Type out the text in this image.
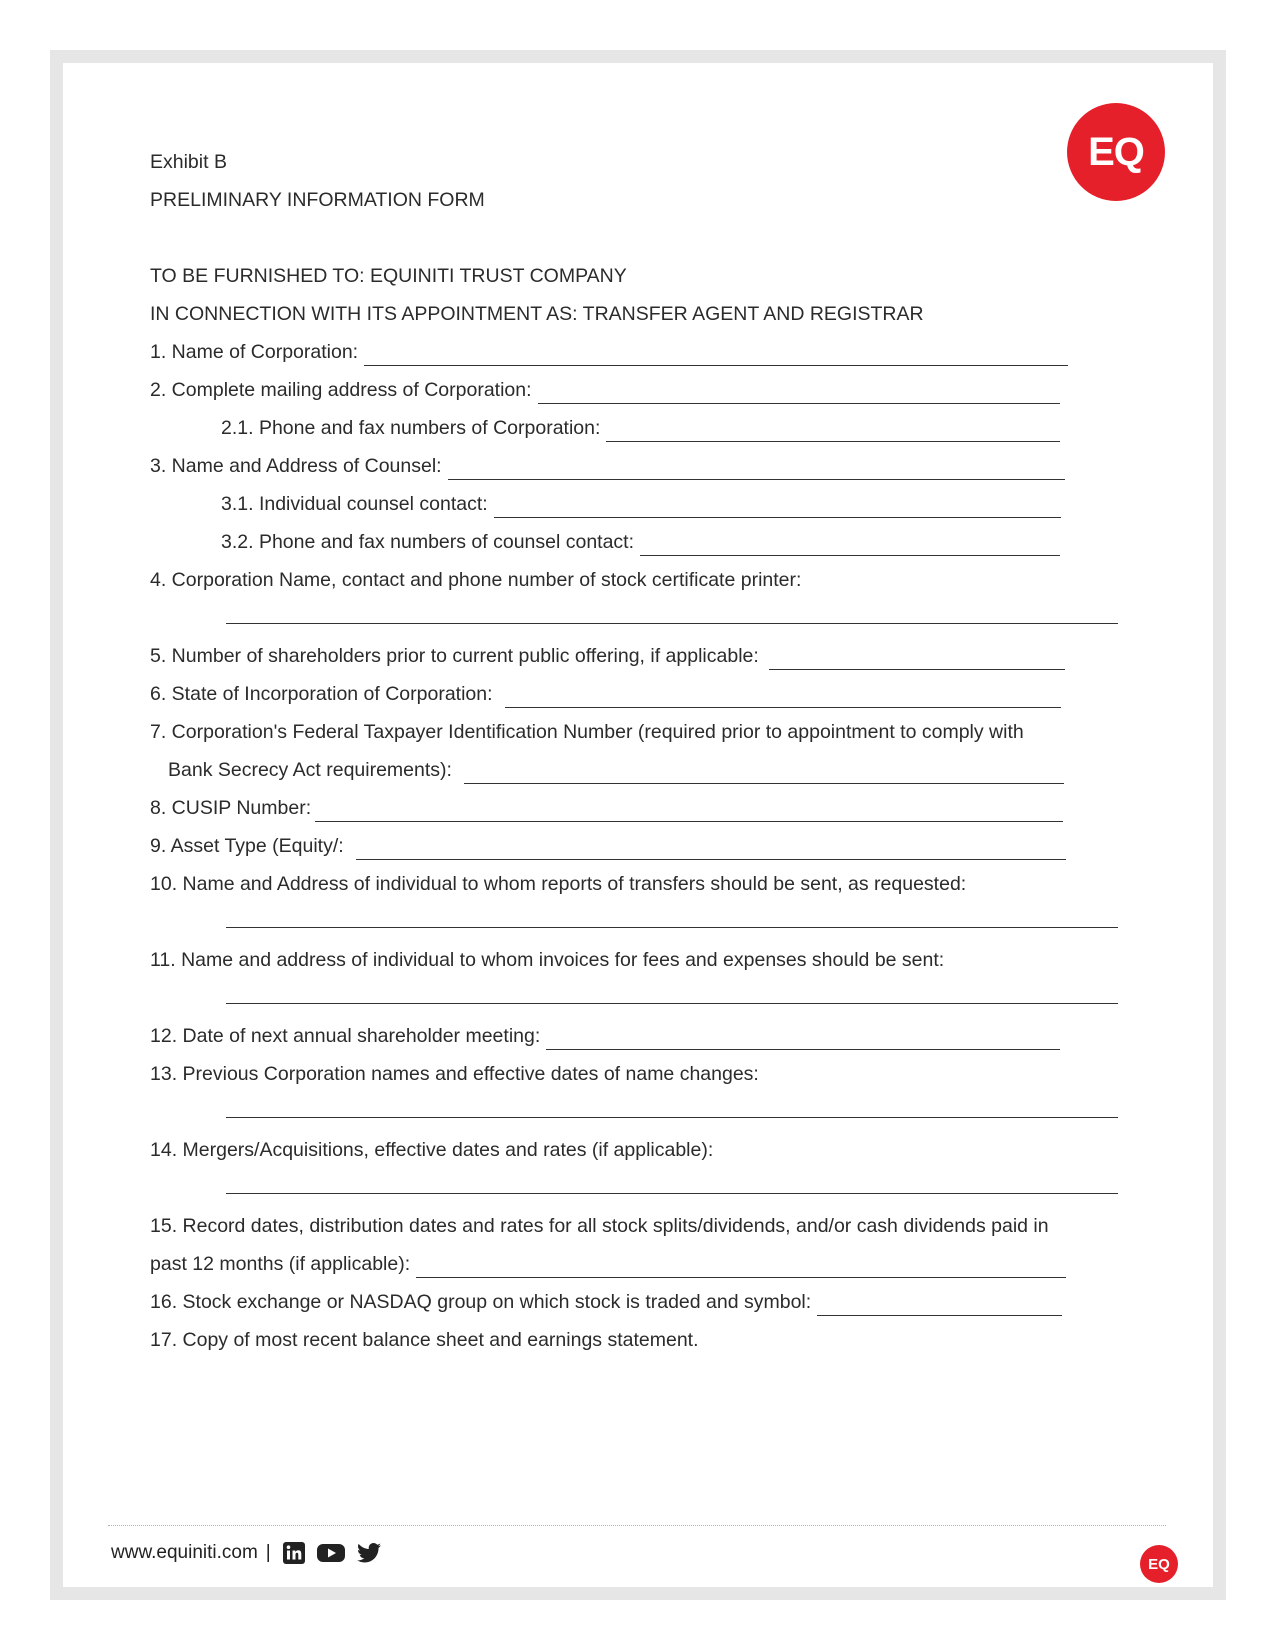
EQ
Exhibit B
PRELIMINARY INFORMATION FORM
TO BE FURNISHED TO: EQUINITI TRUST COMPANY
IN CONNECTION WITH ITS APPOINTMENT AS: TRANSFER AGENT AND REGISTRAR
1. Name of Corporation:
2. Complete mailing address of Corporation:
2.1. Phone and fax numbers of Corporation:
3. Name and Address of Counsel:
3.1. Individual counsel contact:
3.2. Phone and fax numbers of counsel contact:
4. Corporation Name, contact and phone number of stock certificate printer:
5. Number of shareholders prior to current public offering, if applicable:
6. State of Incorporation of Corporation:
7. Corporation's Federal Taxpayer Identification Number (required prior to appointment to comply with
Bank Secrecy Act requirements):
8. CUSIP Number:
9. Asset Type (Equity/:
10. Name and Address of individual to whom reports of transfers should be sent, as requested:
11. Name and address of individual to whom invoices for fees and expenses should be sent:
12. Date of next annual shareholder meeting:
13. Previous Corporation names and effective dates of name changes:
14. Mergers/Acquisitions, effective dates and rates (if applicable):
15. Record dates, distribution dates and rates for all stock splits/dividends, and/or cash dividends paid in
past 12 months (if applicable):
16. Stock exchange or NASDAQ group on which stock is traded and symbol:
17. Copy of most recent balance sheet and earnings statement.
www.equiniti.com |
EQ
